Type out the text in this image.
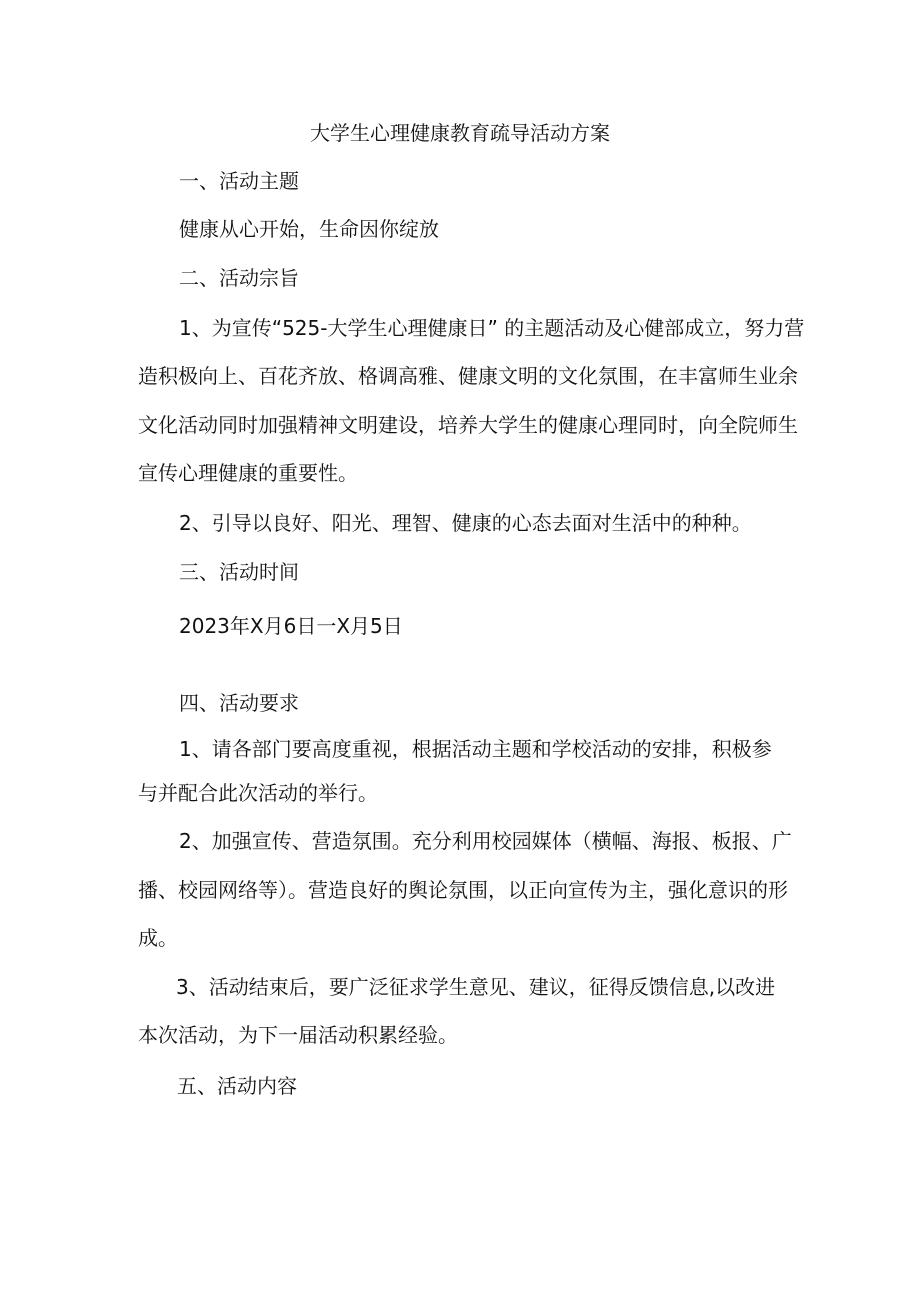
大学生心理健康教育疏导活动方案

一、活动主题

健康从心开始，生命因你绽放

二、活动宗旨

1、为宣传“525-大学生心理健康日” 的主题活动及心健部成立，努力营

造积极向上、百花齐放、格调高雅、健康文明的文化氛围，在丰富师生业余

文化活动同时加强精神文明建设，培养大学生的健康心理同时，向全院师生

宣传心理健康的重要性。

2、引导以良好、阳光、理智、健康的心态去面对生活中的种种。

三、活动时间

2023年X月6日一X月5日

四、活动要求

1、请各部门要高度重视，根据活动主题和学校活动的安排，积极参

与并配合此次活动的举行。

2、加强宣传、营造氛围。充分利用校园媒体（横幅、海报、板报、广

播、校园网络等）。营造良好的舆论氛围，以正向宣传为主，强化意识的形

成。

3、活动结束后，要广泛征求学生意见、建议，征得反馈信息,以改进

本次活动，为下一届活动积累经验。

五、活动内容
